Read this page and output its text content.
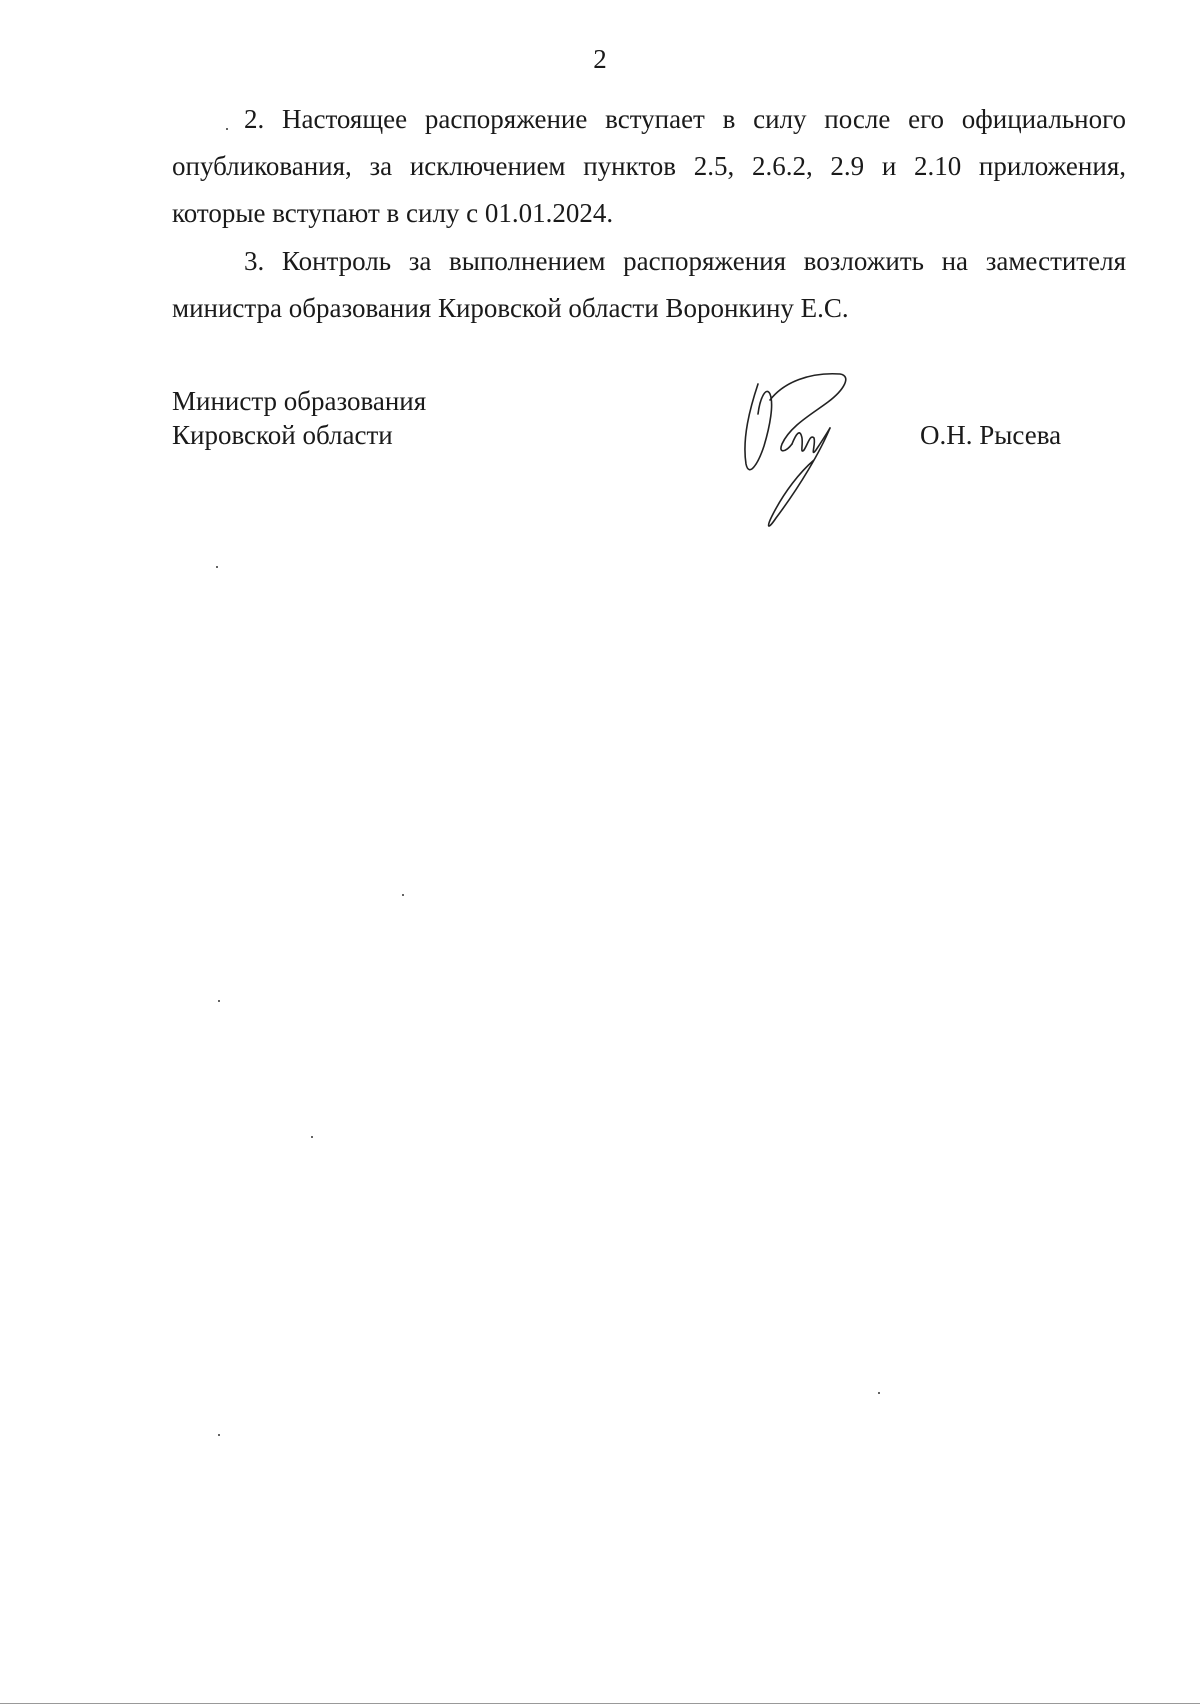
2

2. Настоящее распоряжение вступает в силу после его официального опубликования, за исключением пунктов 2.5, 2.6.2, 2.9 и 2.10 приложения, которые вступают в силу с 01.01.2024.

3. Контроль за выполнением распоряжения возложить на заместителя министра образования Кировской области Воронкину Е.С.

Министр образования
Кировской области	О.Н. Рысева
